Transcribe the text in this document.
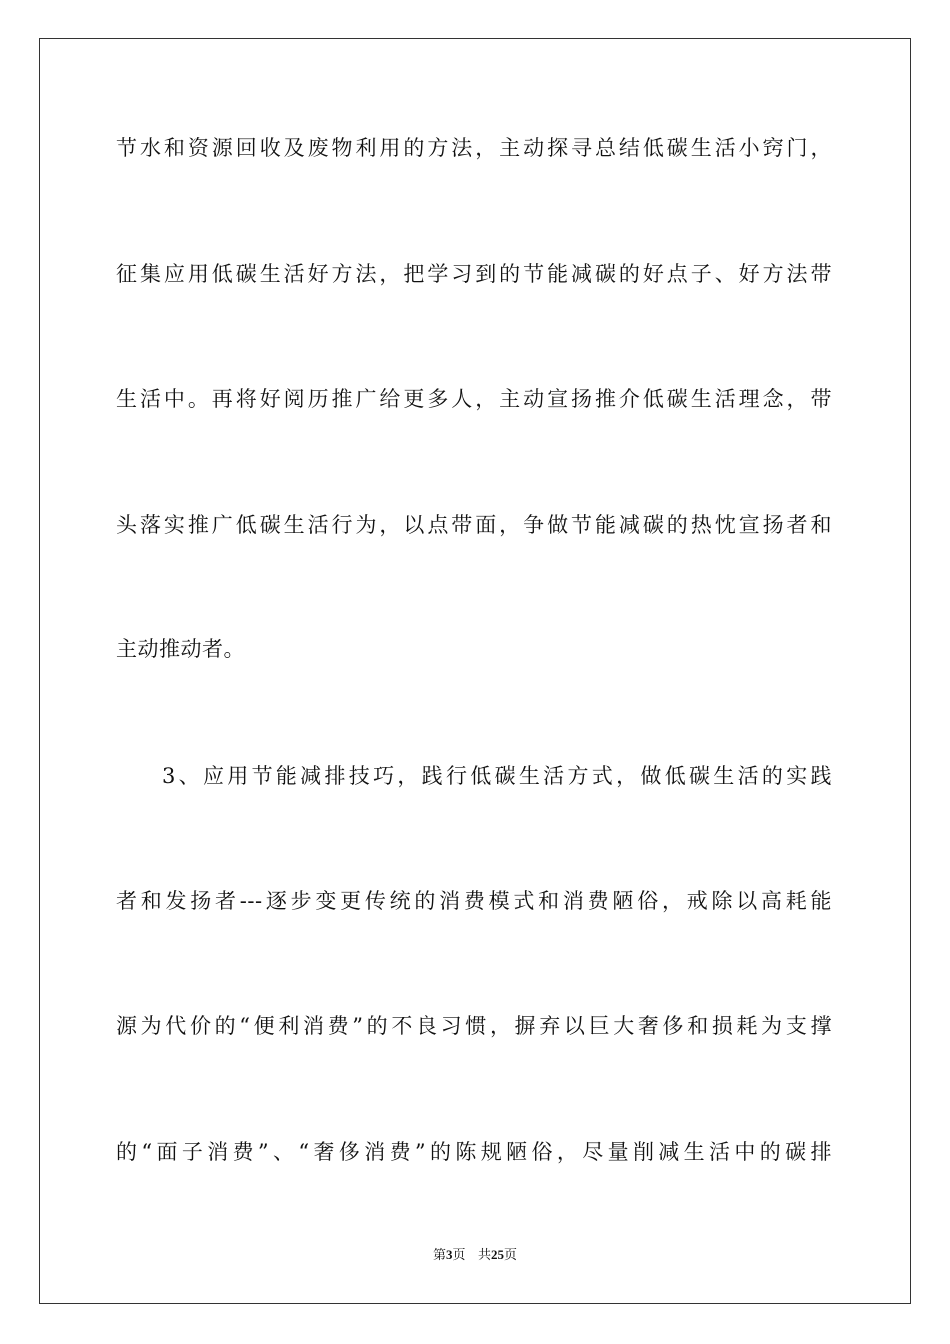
节水和资源回收及废物利用的方法，主动探寻总结低碳生活小窍门，
征集应用低碳生活好方法，把学习到的节能减碳的好点子、好方法带
生活中。再将好阅历推广给更多人，主动宣扬推介低碳生活理念，带
头落实推广低碳生活行为，以点带面，争做节能减碳的热忱宣扬者和
主动推动者。
3、应用节能减排技巧，践行低碳生活方式，做低碳生活的实践
者和发扬者---逐步变更传统的消费模式和消费陋俗，戒除以高耗能
源为代价的“便利消费”的不良习惯，摒弃以巨大奢侈和损耗为支撑
的“面子消费”、“奢侈消费”的陈规陋俗，尽量削减生活中的碳排
第3页 共25页
